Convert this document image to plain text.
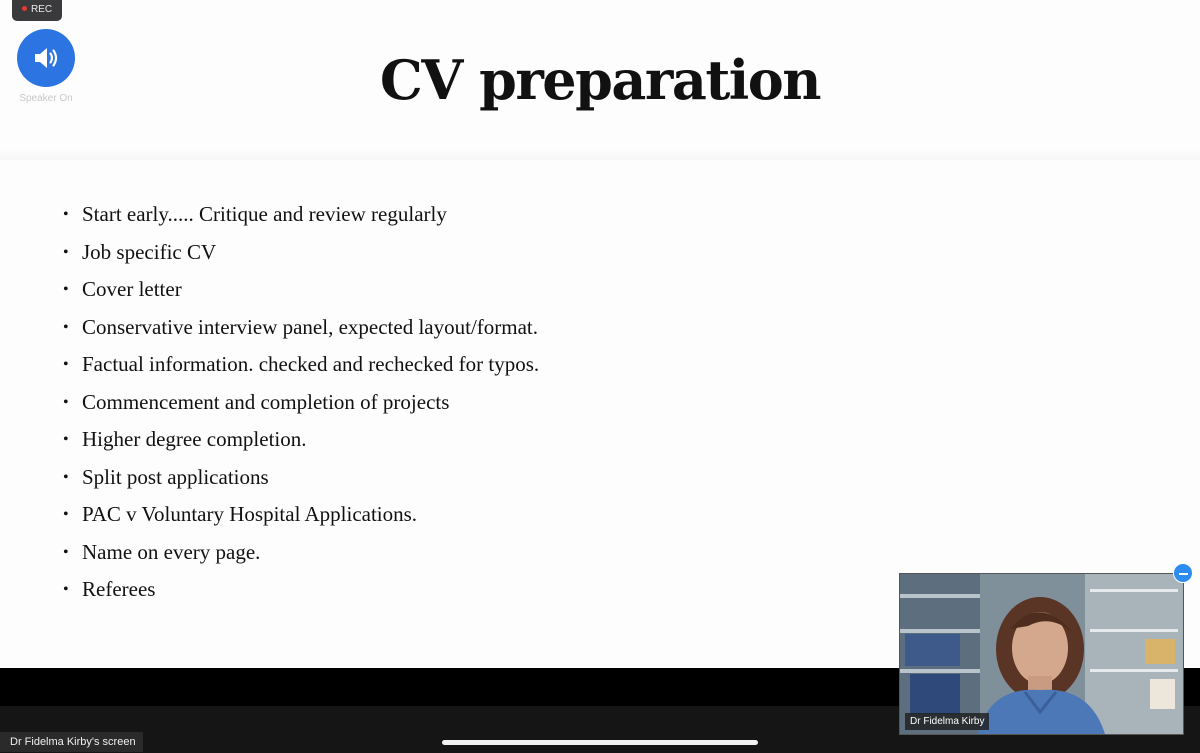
CV preparation
• Start early..... Critique and review regularly
• Job specific CV
• Cover letter
• Conservative interview panel, expected layout/format.
• Factual information. checked and rechecked for typos.
• Commencement and completion of projects
• Higher degree completion.
• Split post applications
• PAC v Voluntary Hospital Applications.
• Name on every page.
• Referees
REC
Speaker On
Dr Fidelma Kirby's screen
Dr Fidelma Kirby
